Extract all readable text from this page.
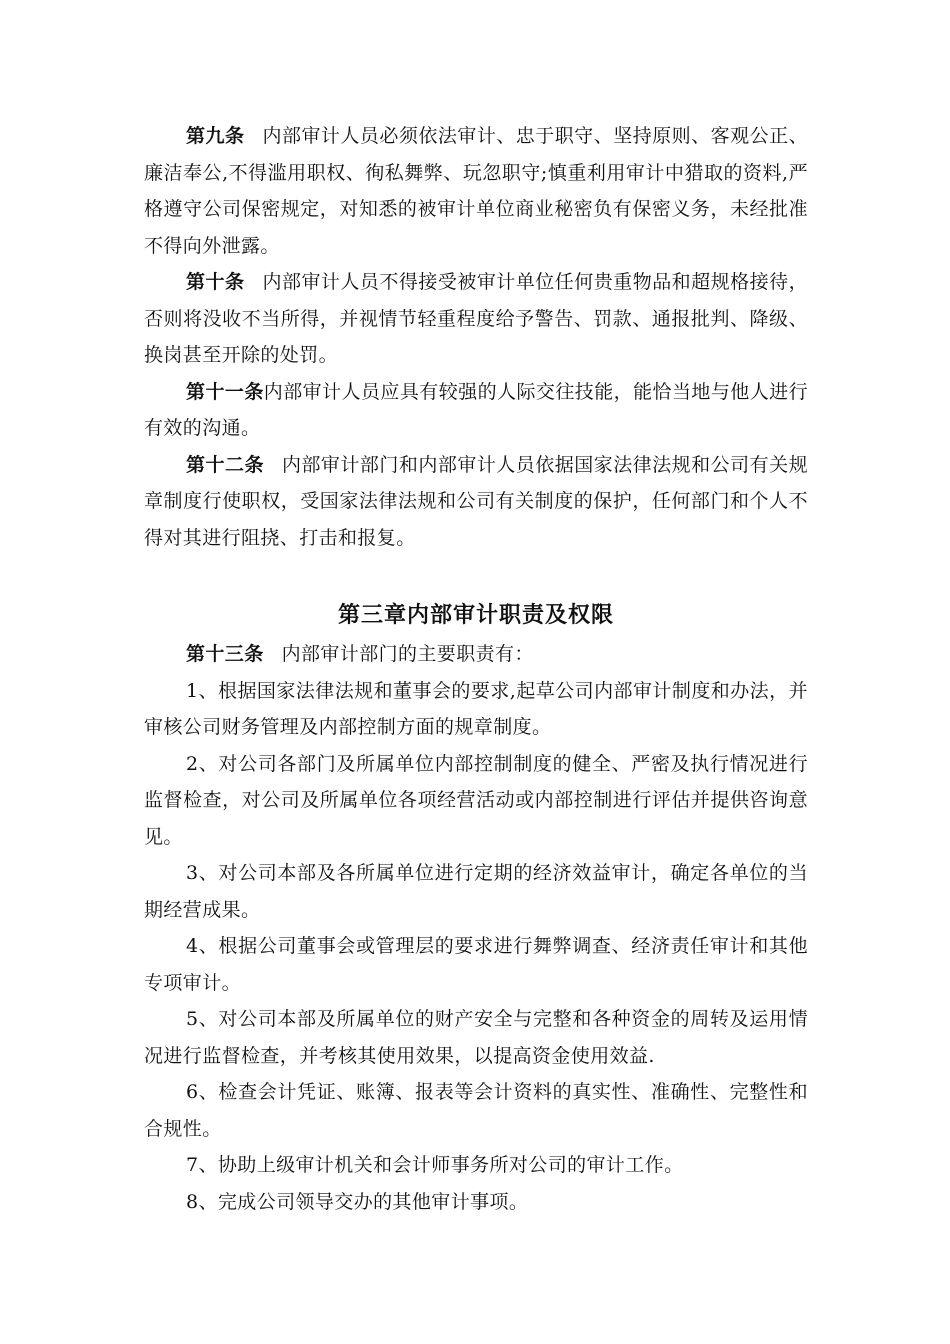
第九条 内部审计人员必须依法审计、忠于职守、坚持原则、客观公正、廉洁奉公,不得滥用职权、徇私舞弊、玩忽职守;慎重利用审计中猎取的资料,严格遵守公司保密规定，对知悉的被审计单位商业秘密负有保密义务，未经批准不得向外泄露。

第十条 内部审计人员不得接受被审计单位任何贵重物品和超规格接待，否则将没收不当所得，并视情节轻重程度给予警告、罚款、通报批判、降级、换岗甚至开除的处罚。

第十一条内部审计人员应具有较强的人际交往技能，能恰当地与他人进行有效的沟通。

第十二条 内部审计部门和内部审计人员依据国家法律法规和公司有关规章制度行使职权，受国家法律法规和公司有关制度的保护，任何部门和个人不得对其进行阻挠、打击和报复。

第三章内部审计职责及权限

第十三条 内部审计部门的主要职责有：

1、根据国家法律法规和董事会的要求,起草公司内部审计制度和办法，并审核公司财务管理及内部控制方面的规章制度。

2、对公司各部门及所属单位内部控制制度的健全、严密及执行情况进行监督检查，对公司及所属单位各项经营活动或内部控制进行评估并提供咨询意见。

3、对公司本部及各所属单位进行定期的经济效益审计，确定各单位的当期经营成果。

4、根据公司董事会或管理层的要求进行舞弊调查、经济责任审计和其他专项审计。

5、对公司本部及所属单位的财产安全与完整和各种资金的周转及运用情况进行监督检查，并考核其使用效果，以提高资金使用效益.

6、检查会计凭证、账簿、报表等会计资料的真实性、准确性、完整性和合规性。

7、协助上级审计机关和会计师事务所对公司的审计工作。

8、完成公司领导交办的其他审计事项。
